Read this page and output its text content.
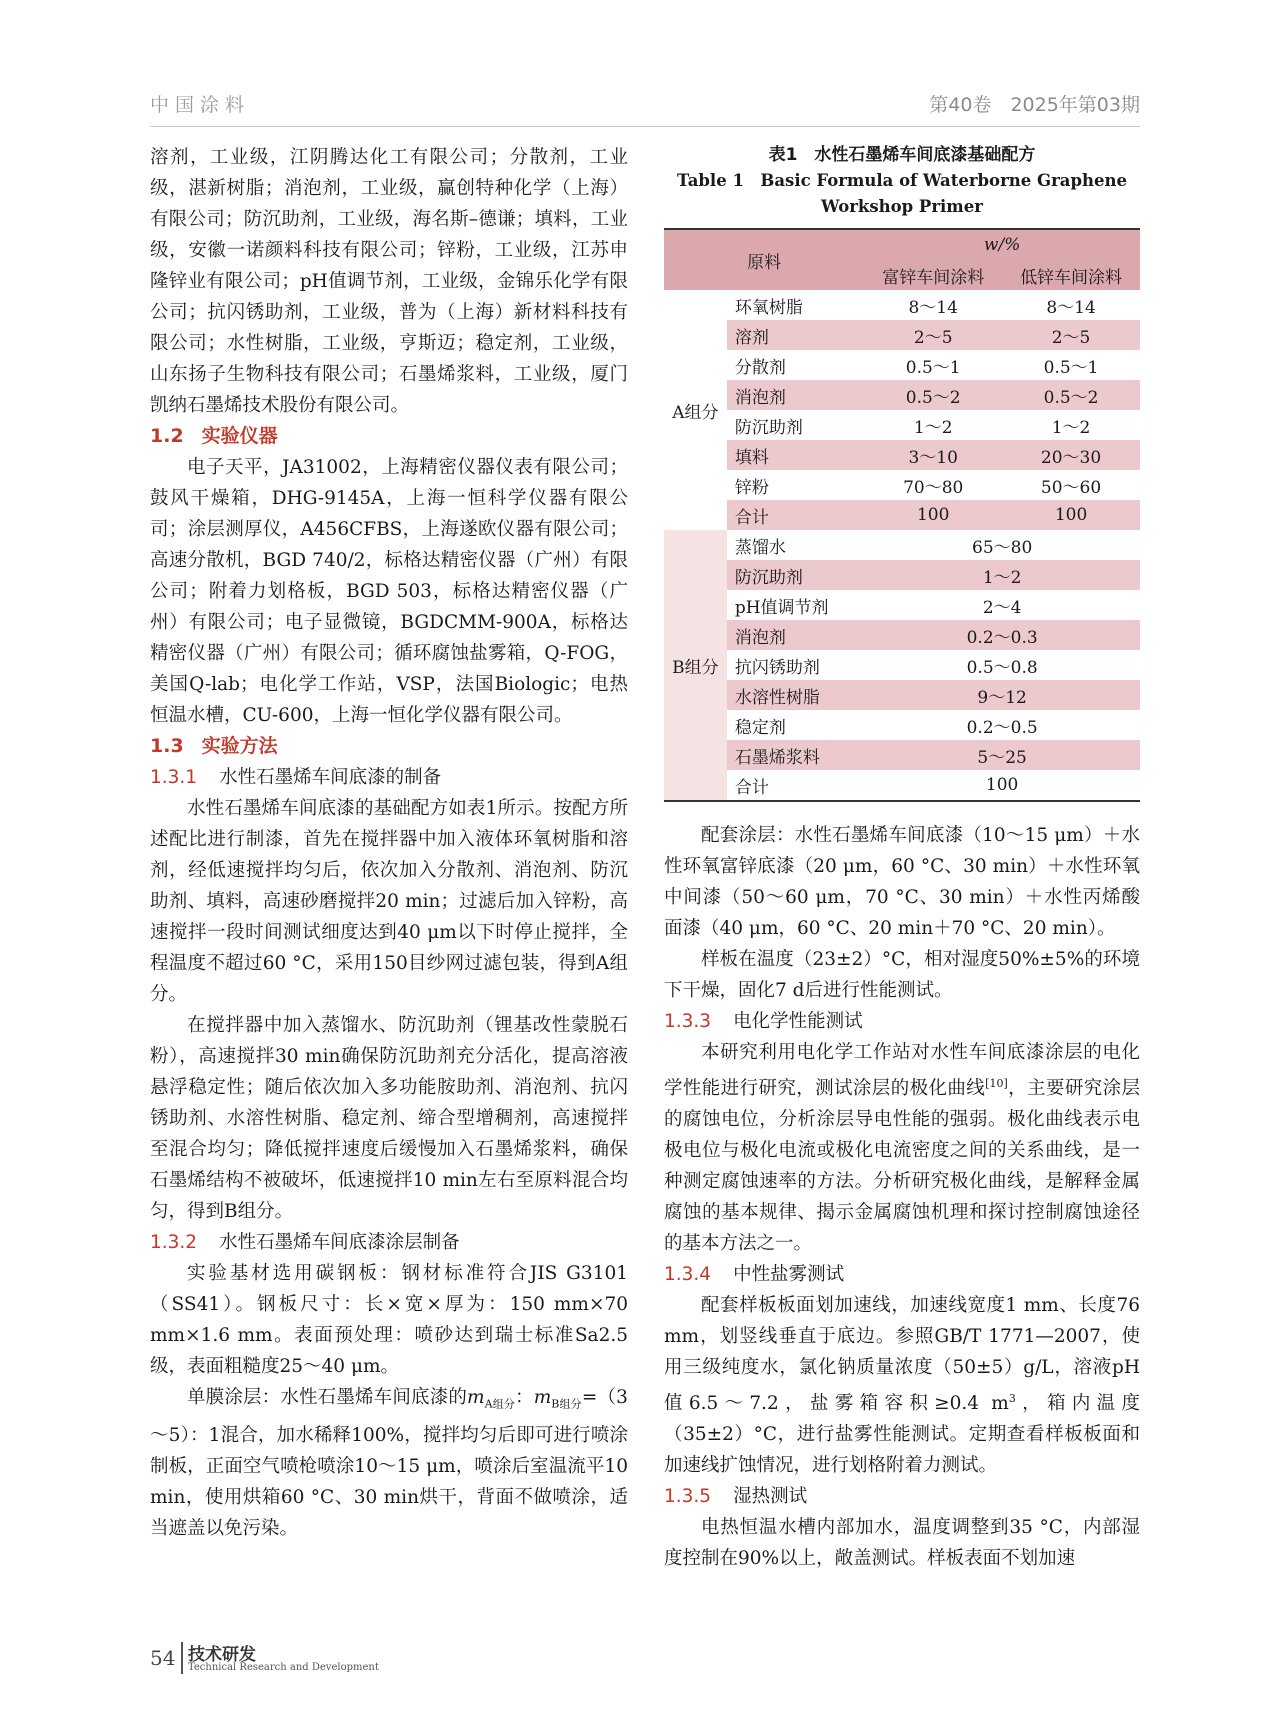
中国涂料	第40卷　2025年第03期

溶剂，工业级，江阴腾达化工有限公司；分散剂，工业级，湛新树脂；消泡剂，工业级，赢创特种化学（上海）有限公司；防沉助剂，工业级，海名斯–德谦；填料，工业级，安徽一诺颜料科技有限公司；锌粉，工业级，江苏申隆锌业有限公司；pH值调节剂，工业级，金锦乐化学有限公司；抗闪锈助剂，工业级，普为（上海）新材料科技有限公司；水性树脂，工业级，亨斯迈；稳定剂，工业级，山东扬子生物科技有限公司；石墨烯浆料，工业级，厦门凯纳石墨烯技术股份有限公司。

1.2 实验仪器

电子天平，JA31002，上海精密仪器仪表有限公司；鼓风干燥箱，DHG-9145A，上海一恒科学仪器有限公司；涂层测厚仪，A456CFBS，上海遂欧仪器有限公司；高速分散机，BGD 740/2，标格达精密仪器（广州）有限公司；附着力划格板，BGD 503，标格达精密仪器（广州）有限公司；电子显微镜，BGDCMM-900A，标格达精密仪器（广州）有限公司；循环腐蚀盐雾箱，Q-FOG，美国Q-lab；电化学工作站，VSP，法国Biologic；电热恒温水槽，CU-600，上海一恒化学仪器有限公司。

1.3 实验方法

1.3.1 水性石墨烯车间底漆的制备

水性石墨烯车间底漆的基础配方如表1所示。按配方所述配比进行制漆，首先在搅拌器中加入液体环氧树脂和溶剂，经低速搅拌均匀后，依次加入分散剂、消泡剂、防沉助剂、填料，高速砂磨搅拌20 min；过滤后加入锌粉，高速搅拌一段时间测试细度达到40 μm以下时停止搅拌，全程温度不超过60 °C，采用150目纱网过滤包装，得到A组分。

在搅拌器中加入蒸馏水、防沉助剂（锂基改性蒙脱石粉），高速搅拌30 min确保防沉助剂充分活化，提高溶液悬浮稳定性；随后依次加入多功能胺助剂、消泡剂、抗闪锈助剂、水溶性树脂、稳定剂、缔合型增稠剂，高速搅拌至混合均匀；降低搅拌速度后缓慢加入石墨烯浆料，确保石墨烯结构不被破坏，低速搅拌10 min左右至原料混合均匀，得到B组分。

1.3.2 水性石墨烯车间底漆涂层制备

实验基材选用碳钢板：钢材标准符合JIS G3101（SS41）。钢板尺寸：长×宽×厚为：150 mm×70 mm×1.6 mm。表面预处理：喷砂达到瑞士标准Sa2.5级，表面粗糙度25～40 μm。

单膜涂层：水性石墨烯车间底漆的$m_{A组分}$：$m_{B组分}=(3\sim 5)$：1混合，加水稀释100%，搅拌均匀后即可进行喷涂制板，正面空气喷枪喷涂10～15 μm，喷涂后室温流平10 min，使用烘箱60 °C、30 min烘干，背面不做喷涂，适当遮盖以免污染。

表1　水性石墨烯车间底漆基础配方

Table 1　Basic Formula of Waterborne Graphene Workshop Primer

原料		w/%	
		富锌车间涂料	低锌车间涂料
A组分	环氧树脂	8～14	8～14
	溶剂	2～5	2～5
	分散剂	0.5～1	0.5～1
	消泡剂	0.5～2	0.5～2
	防沉助剂	1～2	1～2
	填料	3～10	20～30
	锌粉	70～80	50～60
	合计	100	100
B组分	蒸馏水	65～80	
	防沉助剂	1～2	
	pH值调节剂	2～4	
	消泡剂	0.2～0.3	
	抗闪锈助剂	0.5～0.8	
	水溶性树脂	9～12	
	稳定剂	0.2～0.5	
	石墨烯浆料	5～25	
	合计	100	

配套涂层：水性石墨烯车间底漆（10～15 μm）＋水性环氧富锌底漆（20 μm，60 °C、30 min）＋水性环氧中间漆（50～60 μm，70 °C、30 min）＋水性丙烯酸面漆（40 μm，60 °C、20 min＋70 °C、20 min）。

样板在温度（23±2）°C，相对湿度50%±5%的环境下干燥，固化7 d后进行性能测试。

1.3.3 电化学性能测试

本研究利用电化学工作站对水性车间底漆涂层的电化学性能进行研究，测试涂层的极化曲线[10]，主要研究涂层的腐蚀电位，分析涂层导电性能的强弱。极化曲线表示电极电位与极化电流或极化电流密度之间的关系曲线，是一种测定腐蚀速率的方法。分析研究极化曲线，是解释金属腐蚀的基本规律、揭示金属腐蚀机理和探讨控制腐蚀途径的基本方法之一。

1.3.4 中性盐雾测试

配套样板板面划加速线，加速线宽度1 mm、长度76 mm，划竖线垂直于底边。参照GB/T 1771—2007，使用三级纯度水，氯化钠质量浓度（50±5）g/L，溶液pH值6.5～7.2，盐雾箱容积≥0.4 $m^3$，箱内温度（35±2）°C，进行盐雾性能测试。定期查看样板板面和加速线扩蚀情况，进行划格附着力测试。

1.3.5 湿热测试

电热恒温水槽内部加水，温度调整到35 °C，内部湿度控制在90%以上，敞盖测试。样板表面不划加速

54 技术研发
Technical Research and Development
